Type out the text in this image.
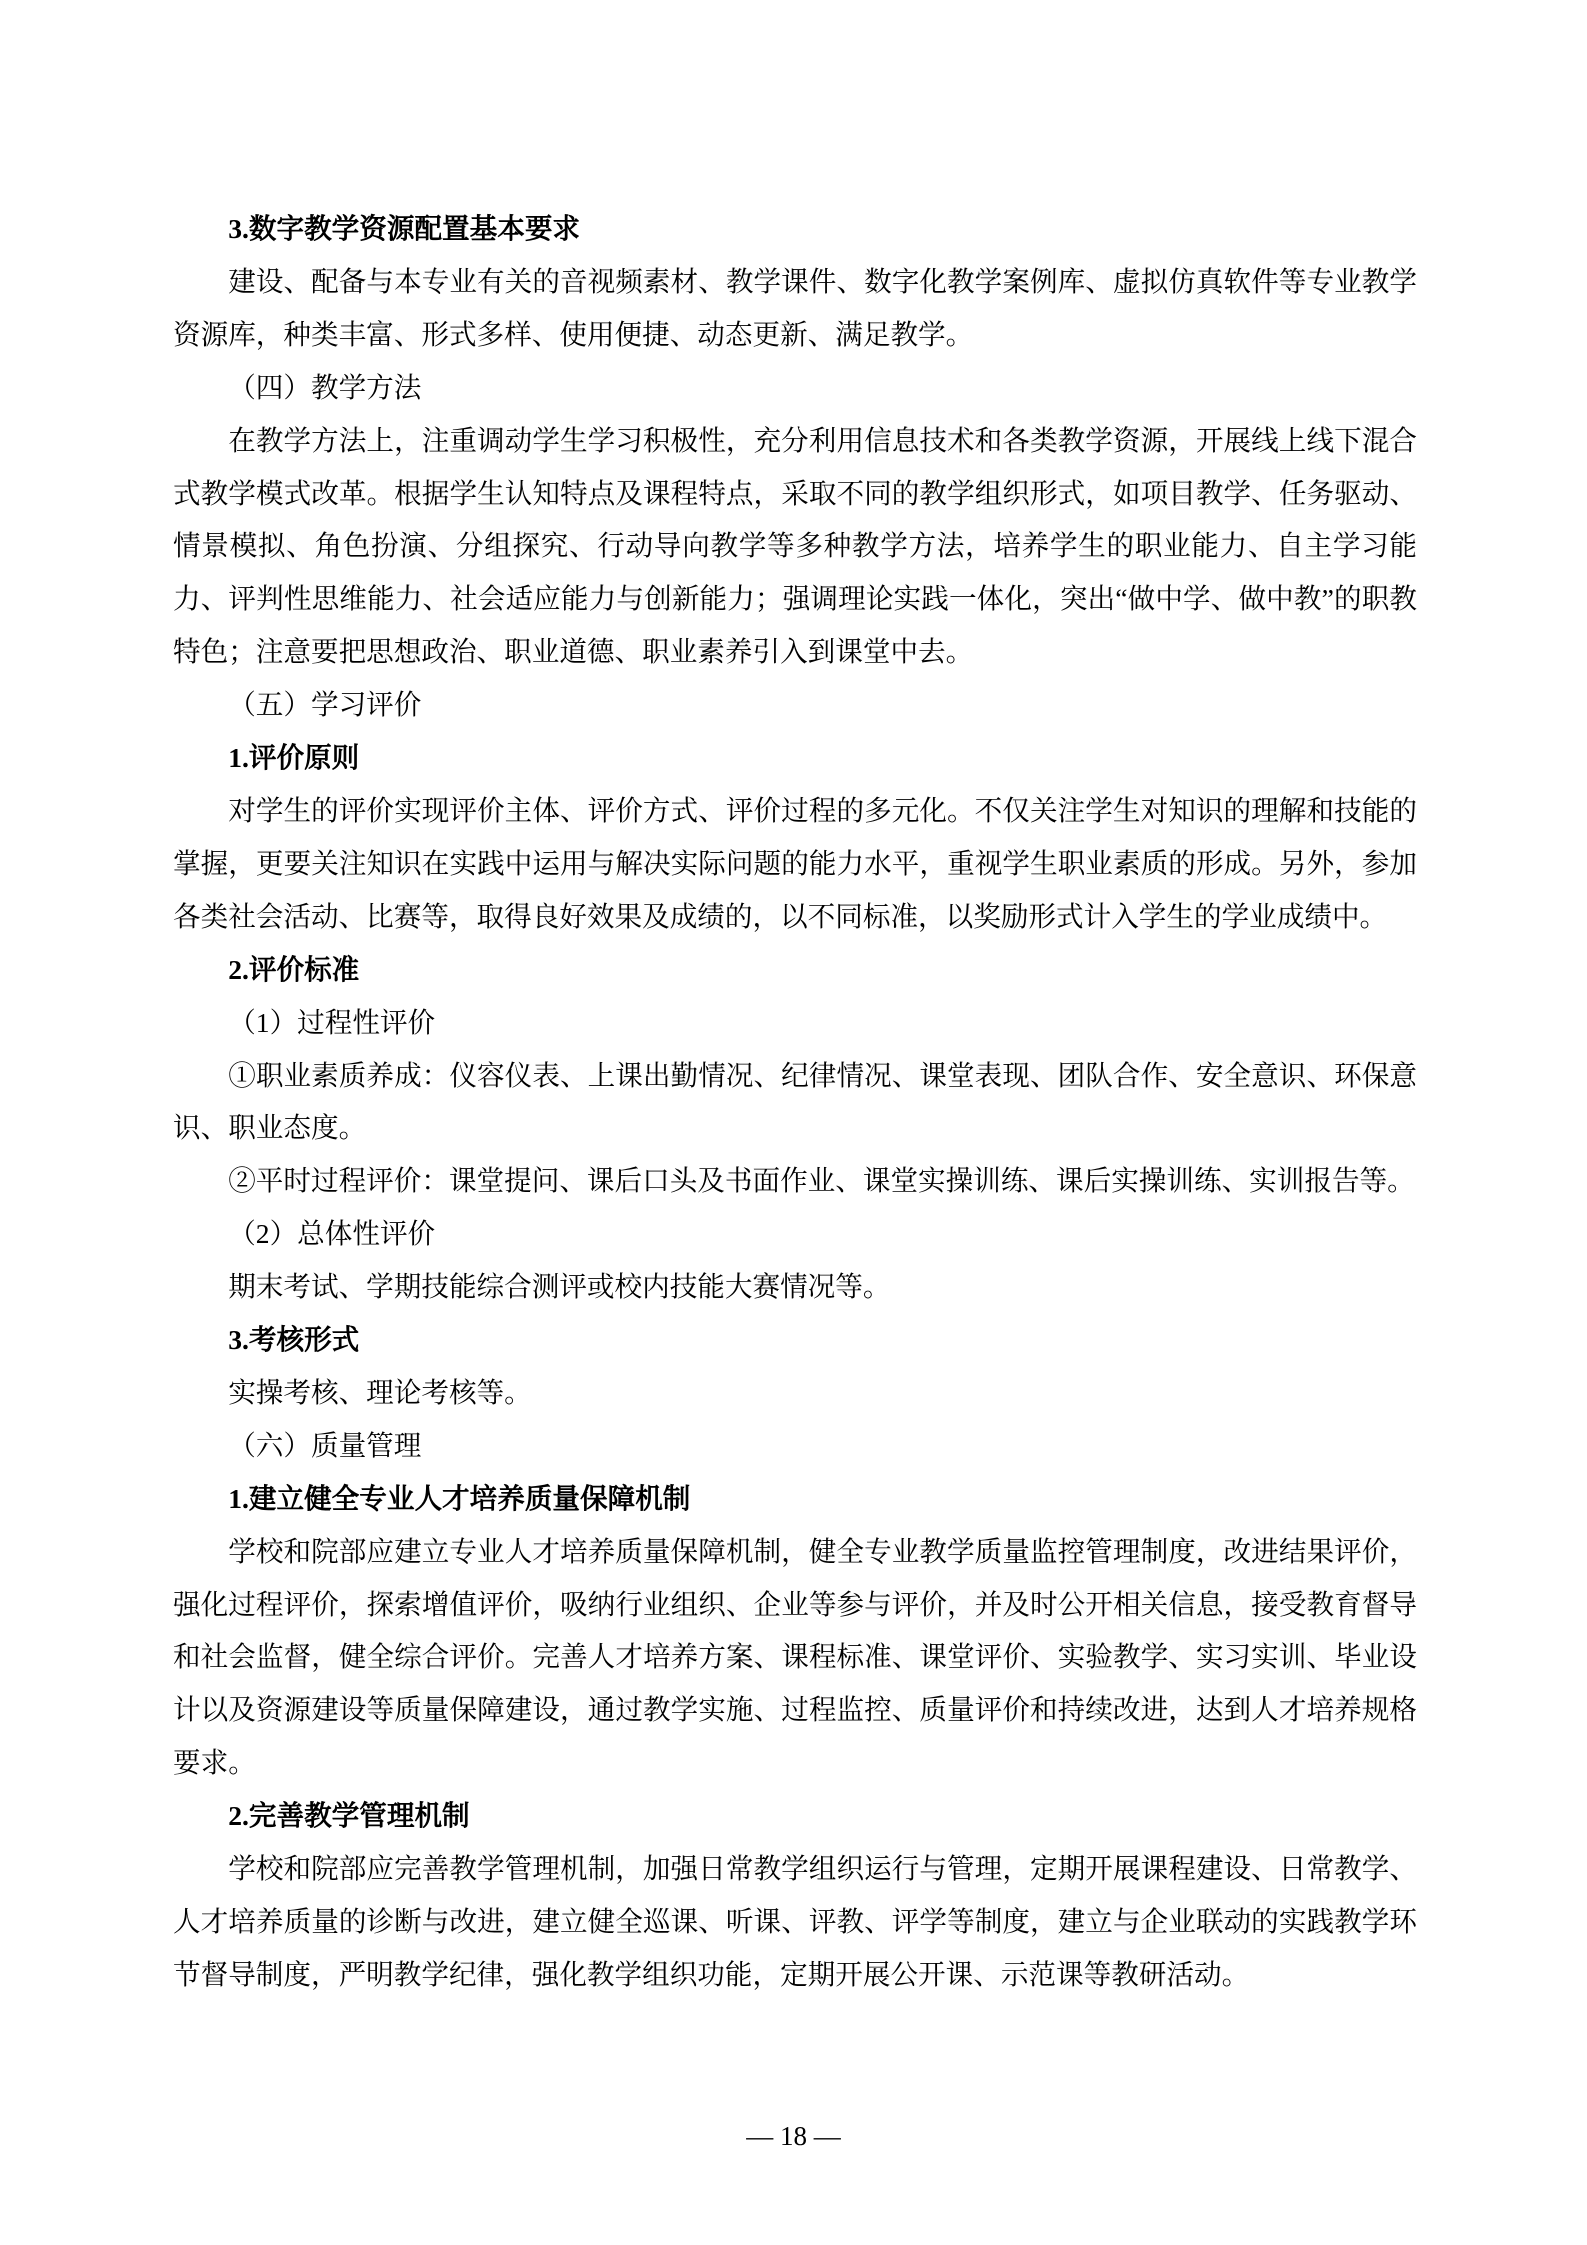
3.数字教学资源配置基本要求

建设、配备与本专业有关的音视频素材、教学课件、数字化教学案例库、虚拟仿真软件等专业教学资源库，种类丰富、形式多样、使用便捷、动态更新、满足教学。

（四）教学方法

在教学方法上，注重调动学生学习积极性，充分利用信息技术和各类教学资源，开展线上线下混合式教学模式改革。根据学生认知特点及课程特点，采取不同的教学组织形式，如项目教学、任务驱动、情景模拟、角色扮演、分组探究、行动导向教学等多种教学方法，培养学生的职业能力、自主学习能力、评判性思维能力、社会适应能力与创新能力；强调理论实践一体化，突出“做中学、做中教”的职教特色；注意要把思想政治、职业道德、职业素养引入到课堂中去。

（五）学习评价

1.评价原则

对学生的评价实现评价主体、评价方式、评价过程的多元化。不仅关注学生对知识的理解和技能的掌握，更要关注知识在实践中运用与解决实际问题的能力水平，重视学生职业素质的形成。另外，参加各类社会活动、比赛等，取得良好效果及成绩的，以不同标准，以奖励形式计入学生的学业成绩中。

2.评价标准

（1）过程性评价

①职业素质养成：仪容仪表、上课出勤情况、纪律情况、课堂表现、团队合作、安全意识、环保意识、职业态度。

②平时过程评价：课堂提问、课后口头及书面作业、课堂实操训练、课后实操训练、实训报告等。

（2）总体性评价

期末考试、学期技能综合测评或校内技能大赛情况等。

3.考核形式

实操考核、理论考核等。

（六）质量管理

1.建立健全专业人才培养质量保障机制

学校和院部应建立专业人才培养质量保障机制，健全专业教学质量监控管理制度，改进结果评价，强化过程评价，探索增值评价，吸纳行业组织、企业等参与评价，并及时公开相关信息，接受教育督导和社会监督，健全综合评价。完善人才培养方案、课程标准、课堂评价、实验教学、实习实训、毕业设计以及资源建设等质量保障建设，通过教学实施、过程监控、质量评价和持续改进，达到人才培养规格要求。

2.完善教学管理机制

学校和院部应完善教学管理机制，加强日常教学组织运行与管理，定期开展课程建设、日常教学、人才培养质量的诊断与改进，建立健全巡课、听课、评教、评学等制度，建立与企业联动的实践教学环节督导制度，严明教学纪律，强化教学组织功能，定期开展公开课、示范课等教研活动。

— 18 —
